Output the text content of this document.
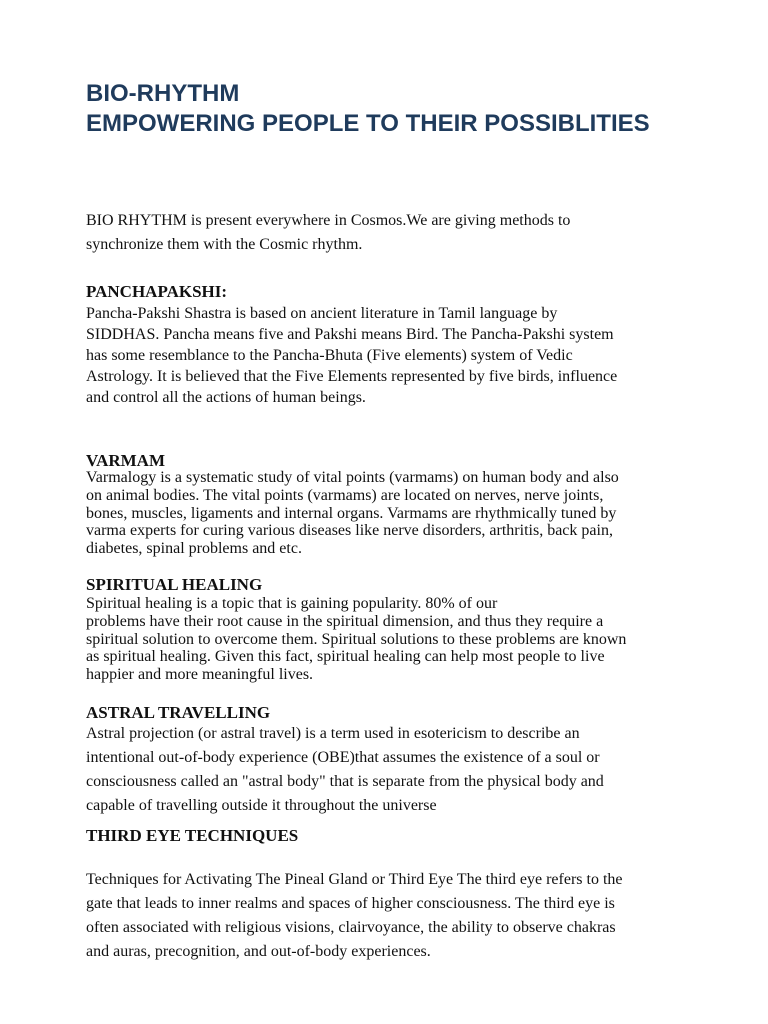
BIO-RHYTHM
EMPOWERING PEOPLE TO THEIR POSSIBLITIES
BIO RHYTHM is present everywhere in Cosmos.We are giving methods to
synchronize them with the Cosmic rhythm.
PANCHAPAKSHI:
Pancha-Pakshi Shastra is based on ancient literature in Tamil language by
SIDDHAS. Pancha means five and Pakshi means Bird. The Pancha-Pakshi system
has some resemblance to the Pancha-Bhuta (Five elements) system of Vedic
Astrology. It is believed that the Five Elements represented by five birds, influence
and control all the actions of human beings.
VARMAM
Varmalogy is a systematic study of vital points (varmams) on human body and also
on animal bodies. The vital points (varmams) are located on nerves, nerve joints,
bones, muscles, ligaments and internal organs. Varmams are rhythmically tuned by
varma experts for curing various diseases like nerve disorders, arthritis, back pain,
diabetes, spinal problems and etc.
SPIRITUAL HEALING
Spiritual healing is a topic that is gaining popularity. 80% of our
problems have their root cause in the spiritual dimension, and thus they require a
spiritual solution to overcome them. Spiritual solutions to these problems are known
as spiritual healing. Given this fact, spiritual healing can help most people to live
happier and more meaningful lives.
ASTRAL TRAVELLING
Astral projection (or astral travel) is a term used in esotericism to describe an
intentional out-of-body experience (OBE)that assumes the existence of a soul or
consciousness called an "astral body" that is separate from the physical body and
capable of travelling outside it throughout the universe
THIRD EYE TECHNIQUES
Techniques for Activating The Pineal Gland or Third Eye The third eye refers to the
gate that leads to inner realms and spaces of higher consciousness. The third eye is
often associated with religious visions, clairvoyance, the ability to observe chakras
and auras, precognition, and out-of-body experiences.
